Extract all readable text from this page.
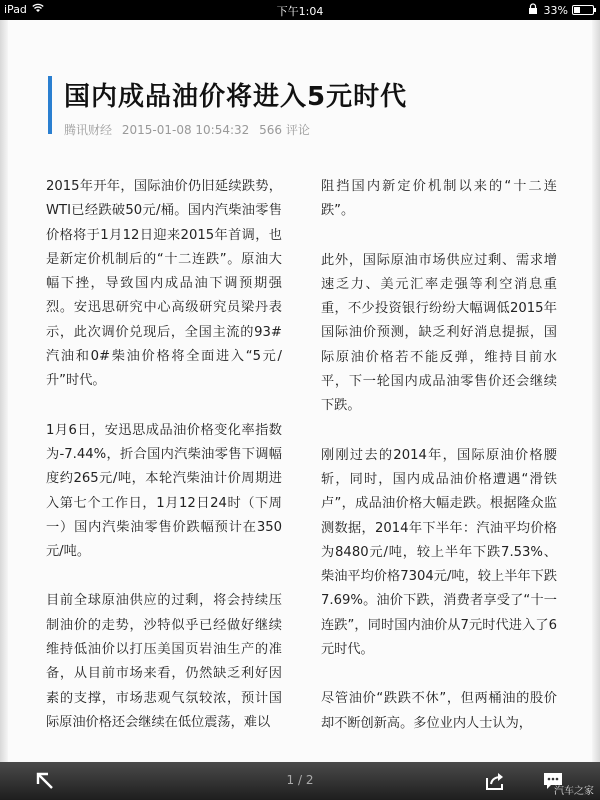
iPad	下午1:04	33%
国内成品油价将进入5元时代
腾讯财经 2015-01-08 10:54:32 566 评论

2015年开年，国际油价仍旧延续跌势，WTI已经跌破50元/桶。国内汽柴油零售价格将于1月12日迎来2015年首调，也是新定价机制后的“十二连跌”。原油大幅下挫，导致国内成品油下调预期强烈。安迅思研究中心高级研究员梁丹表示，此次调价兑现后，全国主流的93#汽油和0#柴油价格将全面进入“5元/升”时代。

1月6日，安迅思成品油价格变化率指数为-7.44%，折合国内汽柴油零售下调幅度约265元/吨，本轮汽柴油计价周期进入第七个工作日，1月12日24时（下周一）国内汽柴油零售价跌幅预计在350元/吨。

目前全球原油供应的过剩，将会持续压制油价的走势，沙特似乎已经做好继续维持低油价以打压美国页岩油生产的准备，从目前市场来看，仍然缺乏利好因素的支撑，市场悲观气氛较浓，预计国际原油价格还会继续在低位震荡，难以

阻挡国内新定价机制以来的“十二连跌”。

此外，国际原油市场供应过剩、需求增速乏力、美元汇率走强等利空消息重重，不少投资银行纷纷大幅调低2015年国际油价预测，缺乏利好消息提振，国际原油价格若不能反弹，维持目前水平，下一轮国内成品油零售价还会继续下跌。

刚刚过去的2014年，国际原油价格腰斩，同时，国内成品油价格遭遇“滑铁卢”，成品油价格大幅走跌。根据隆众监测数据，2014年下半年：汽油平均价格为8480元/吨，较上半年下跌7.53%、柴油平均价格7304元/吨，较上半年下跌7.69%。油价下跌，消费者享受了“十一连跌”，同时国内油价从7元时代进入了6元时代。

尽管油价“跌跌不休”，但两桶油的股价却不断创新高。多位业内人士认为，

1 / 2
汽车之家
